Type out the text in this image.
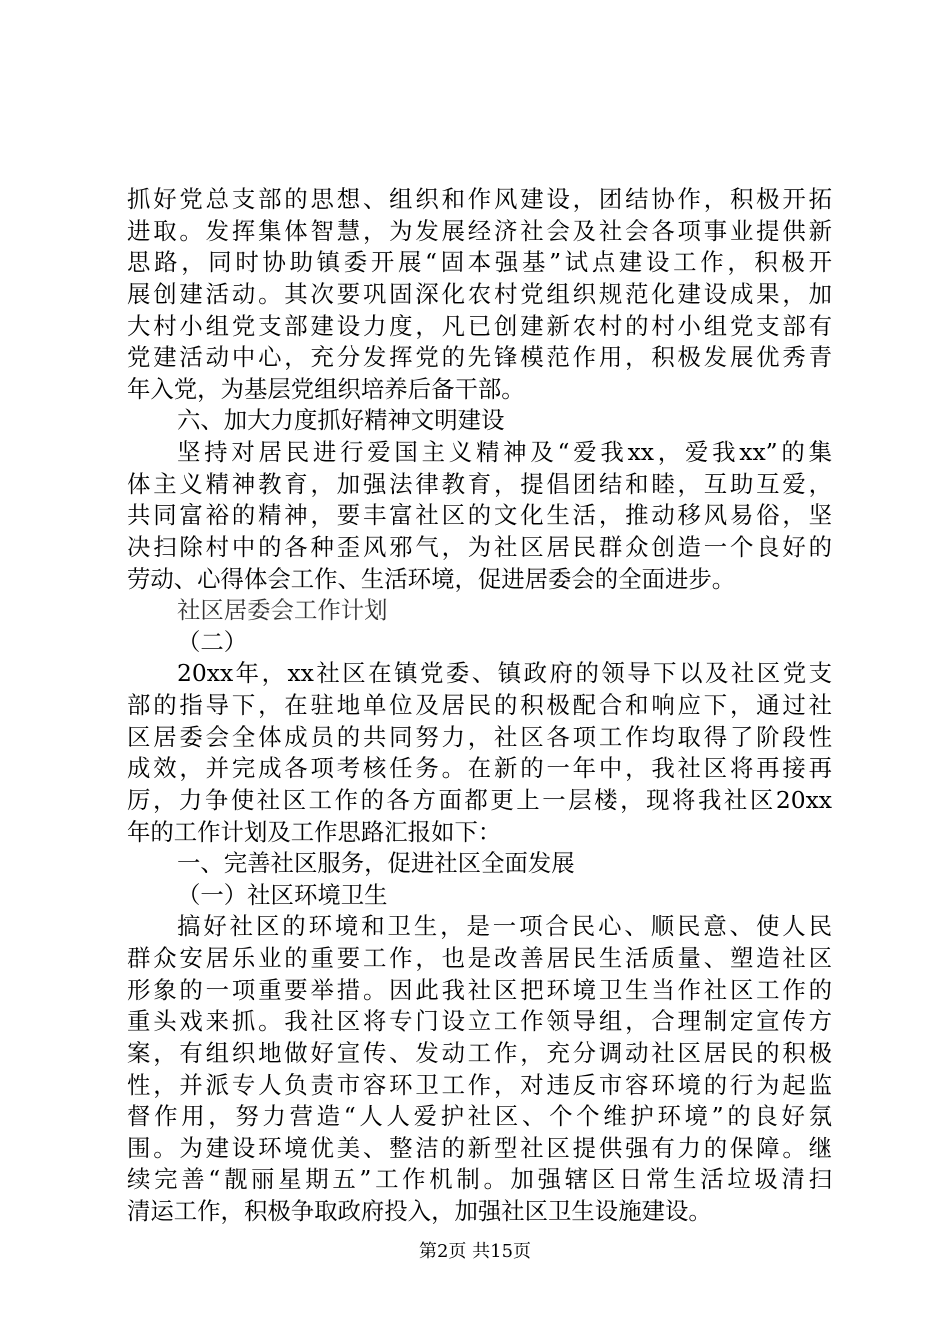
抓好党总支部的思想、组织和作风建设，团结协作，积极开拓
进取。发挥集体智慧，为发展经济社会及社会各项事业提供新
思路，同时协助镇委开展“固本强基”试点建设工作，积极开
展创建活动。其次要巩固深化农村党组织规范化建设成果，加
大村小组党支部建设力度，凡已创建新农村的村小组党支部有
党建活动中心，充分发挥党的先锋模范作用，积极发展优秀青
年入党，为基层党组织培养后备干部。
六、加大力度抓好精神文明建设
坚持对居民进行爱国主义精神及“爱我xx，爱我xx”的集
体主义精神教育，加强法律教育，提倡团结和睦，互助互爱，
共同富裕的精神，要丰富社区的文化生活，推动移风易俗，坚
决扫除村中的各种歪风邪气，为社区居民群众创造一个良好的
劳动、心得体会工作、生活环境，促进居委会的全面进步。
社区居委会工作计划
（二）
20xx年，xx社区在镇党委、镇政府的领导下以及社区党支
部的指导下，在驻地单位及居民的积极配合和响应下，通过社
区居委会全体成员的共同努力，社区各项工作均取得了阶段性
成效，并完成各项考核任务。在新的一年中，我社区将再接再
厉，力争使社区工作的各方面都更上一层楼，现将我社区20xx
年的工作计划及工作思路汇报如下：
一、完善社区服务，促进社区全面发展
（一）社区环境卫生
搞好社区的环境和卫生，是一项合民心、顺民意、使人民
群众安居乐业的重要工作，也是改善居民生活质量、塑造社区
形象的一项重要举措。因此我社区把环境卫生当作社区工作的
重头戏来抓。我社区将专门设立工作领导组，合理制定宣传方
案，有组织地做好宣传、发动工作，充分调动社区居民的积极
性，并派专人负责市容环卫工作，对违反市容环境的行为起监
督作用，努力营造“人人爱护社区、个个维护环境”的良好氛
围。为建设环境优美、整洁的新型社区提供强有力的保障。继
续完善“靓丽星期五”工作机制。加强辖区日常生活垃圾清扫
清运工作，积极争取政府投入，加强社区卫生设施建设。
第2页 共15页
